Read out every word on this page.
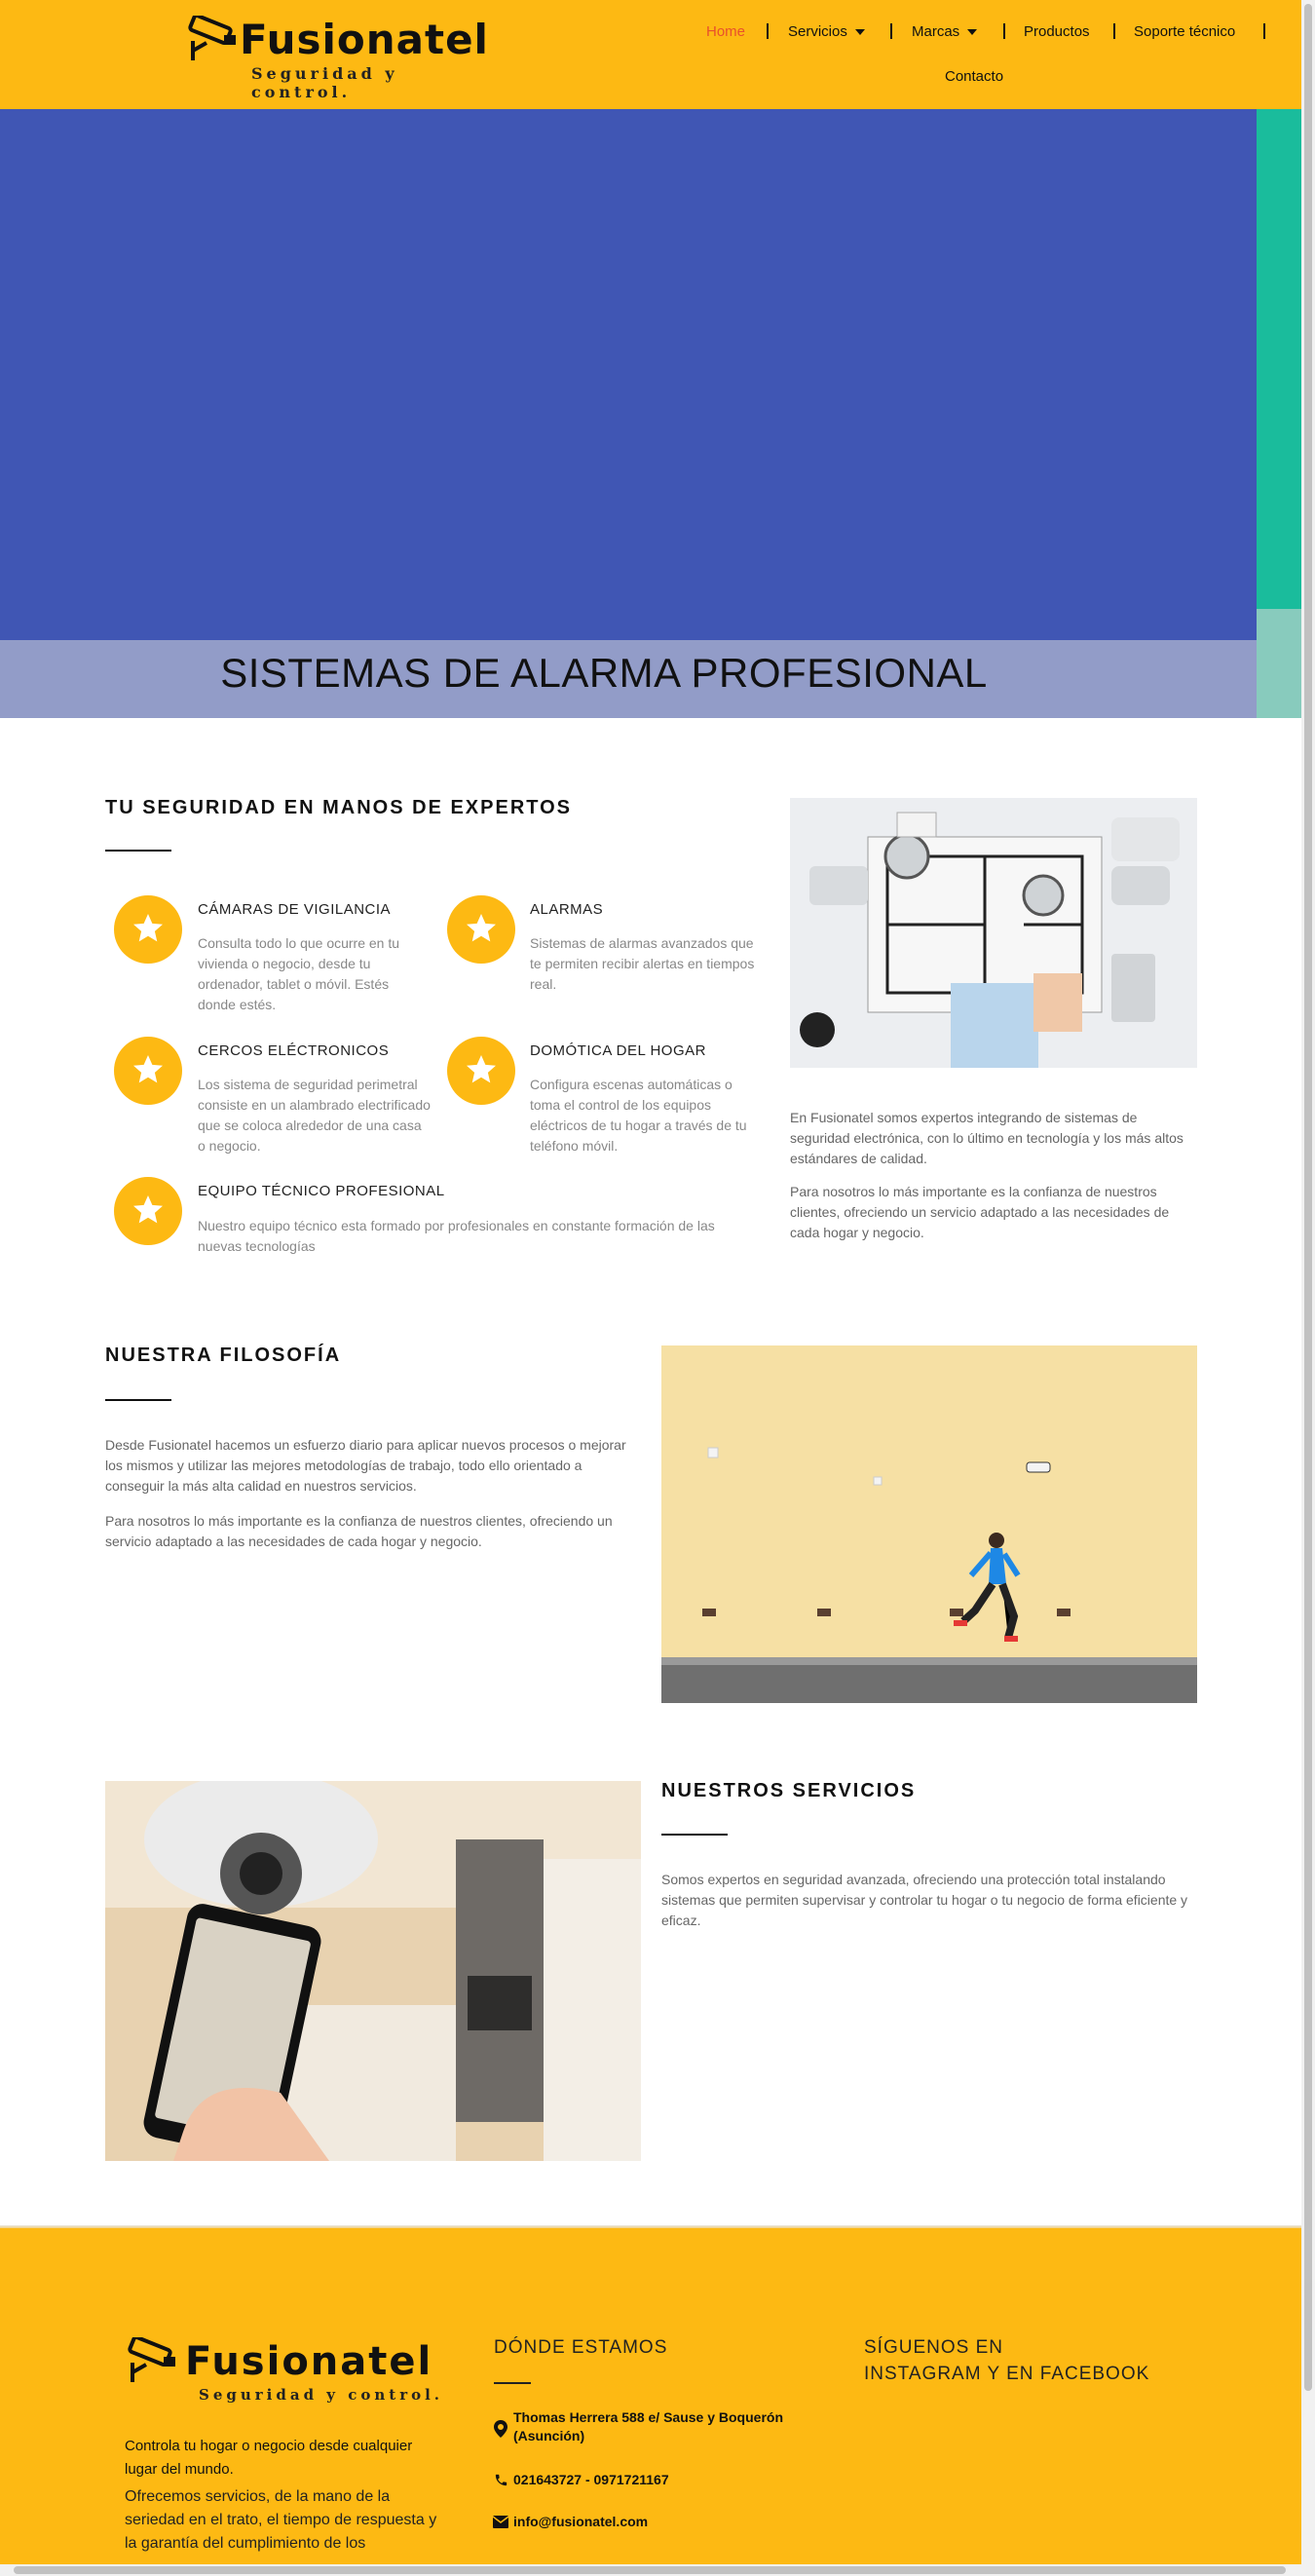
Fusionatel
Seguridad y control.
Home	Servicios	Marcas	Productos	Soporte técnico
Contacto
SISTEMAS DE ALARMA PROFESIONAL
TU SEGURIDAD EN MANOS DE EXPERTOS
CÁMARAS DE VIGILANCIA
Consulta todo lo que ocurre en tu vivienda o negocio, desde tu ordenador, tablet o móvil. Estés donde estés.
ALARMAS
Sistemas de alarmas avanzados que te permiten recibir alertas en tiempos real.
CERCOS ELÉCTRONICOS
Los sistema de seguridad perimetral consiste en un alambrado electrificado que se coloca alrededor de una casa o negocio.
DOMÓTICA DEL HOGAR
Configura escenas automáticas o toma el control de los equipos eléctricos de tu hogar a través de tu teléfono móvil.
EQUIPO TÉCNICO PROFESIONAL
Nuestro equipo técnico esta formado por profesionales en constante formación de las nuevas tecnologías

En Fusionatel somos expertos integrando de sistemas de seguridad electrónica, con lo último en tecnología y los más altos estándares de calidad.

Para nosotros lo más importante es la confianza de nuestros clientes, ofreciendo un servicio adaptado a las necesidades de cada hogar y negocio.

NUESTRA FILOSOFÍA

Desde Fusionatel hacemos un esfuerzo diario para aplicar nuevos procesos o mejorar los mismos y utilizar las mejores metodologías de trabajo, todo ello orientado a conseguir la más alta calidad en nuestros servicios.

Para nosotros lo más importante es la confianza de nuestros clientes, ofreciendo un servicio adaptado a las necesidades de cada hogar y negocio.

NUESTROS SERVICIOS

Somos expertos en seguridad avanzada, ofreciendo una protección total instalando sistemas que permiten supervisar y controlar tu hogar o tu negocio de forma eficiente y eficaz.

Fusionatel
Seguridad y control.
Controla tu hogar o negocio desde cualquier lugar del mundo.
Ofrecemos servicios, de la mano de la seriedad en el trato, el tiempo de respuesta y la garantía del cumplimiento de los
DÓNDE ESTAMOS
Thomas Herrera 588 e/ Sause y Boquerón (Asunción)
021643727 - 0971721167
info@fusionatel.com
SÍGUENOS EN
INSTAGRAM Y EN FACEBOOK
